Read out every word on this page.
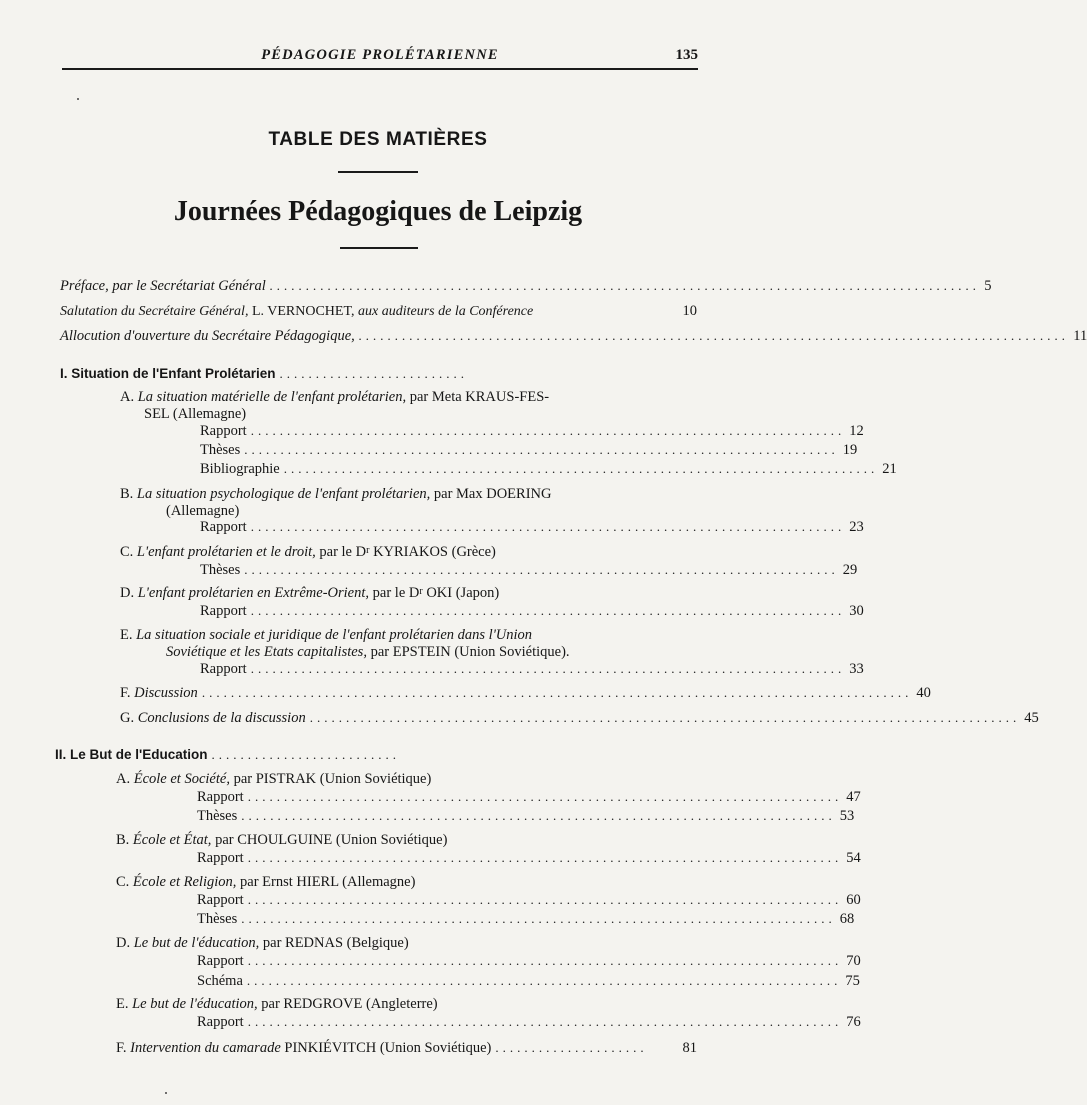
PÉDAGOGIE PROLÉTARIENNE	135
TABLE DES MATIÈRES
Journées Pédagogiques de Leipzig
Préface, par le Secrétariat Général .................................................................................................. 5
Salutation du Secrétaire Général, L. VERNOCHET, aux auditeurs de la Conférence	10
Allocution d'ouverture du Secrétaire Pédagogique, .................................................................................................. 11
I. Situation de l'Enfant Prolétarien ..........................
A. La situation matérielle de l'enfant prolétarien, par Meta KRAUS-FES-
SEL (Allemagne)
Rapport .................................................................................. 12
Thèses .................................................................................. 19
Bibliographie .................................................................................. 21
B. La situation psychologique de l'enfant prolétarien, par Max DOERING
(Allemagne)
Rapport .................................................................................. 23
C. L'enfant prolétarien et le droit, par le $D^r$ KYRIAKOS (Grèce)
Thèses .................................................................................. 29
D. L'enfant prolétarien en Extrême-Orient, par le $D^r$ OKI (Japon)
Rapport .................................................................................. 30
E. La situation sociale et juridique de l'enfant prolétarien dans l'Union
Soviétique et les Etats capitalistes, par EPSTEIN (Union Soviétique).
Rapport .................................................................................. 33
F. Discussion .................................................................................................. 40
G. Conclusions de la discussion .................................................................................................. 45
II. Le But de l'Education ..........................
A. École et Société, par PISTRAK (Union Soviétique)
Rapport .................................................................................. 47
Thèses .................................................................................. 53
B. École et État, par CHOULGUINE (Union Soviétique)
Rapport .................................................................................. 54
C. École et Religion, par Ernst HIERL (Allemagne)
Rapport .................................................................................. 60
Thèses .................................................................................. 68
D. Le but de l'éducation, par REDNAS (Belgique)
Rapport .................................................................................. 70
Schéma .................................................................................. 75
E. Le but de l'éducation, par REDGROVE (Angleterre)
Rapport .................................................................................. 76
F. Intervention du camarade PINKIÉVITCH (Union Soviétique) .....................	81
